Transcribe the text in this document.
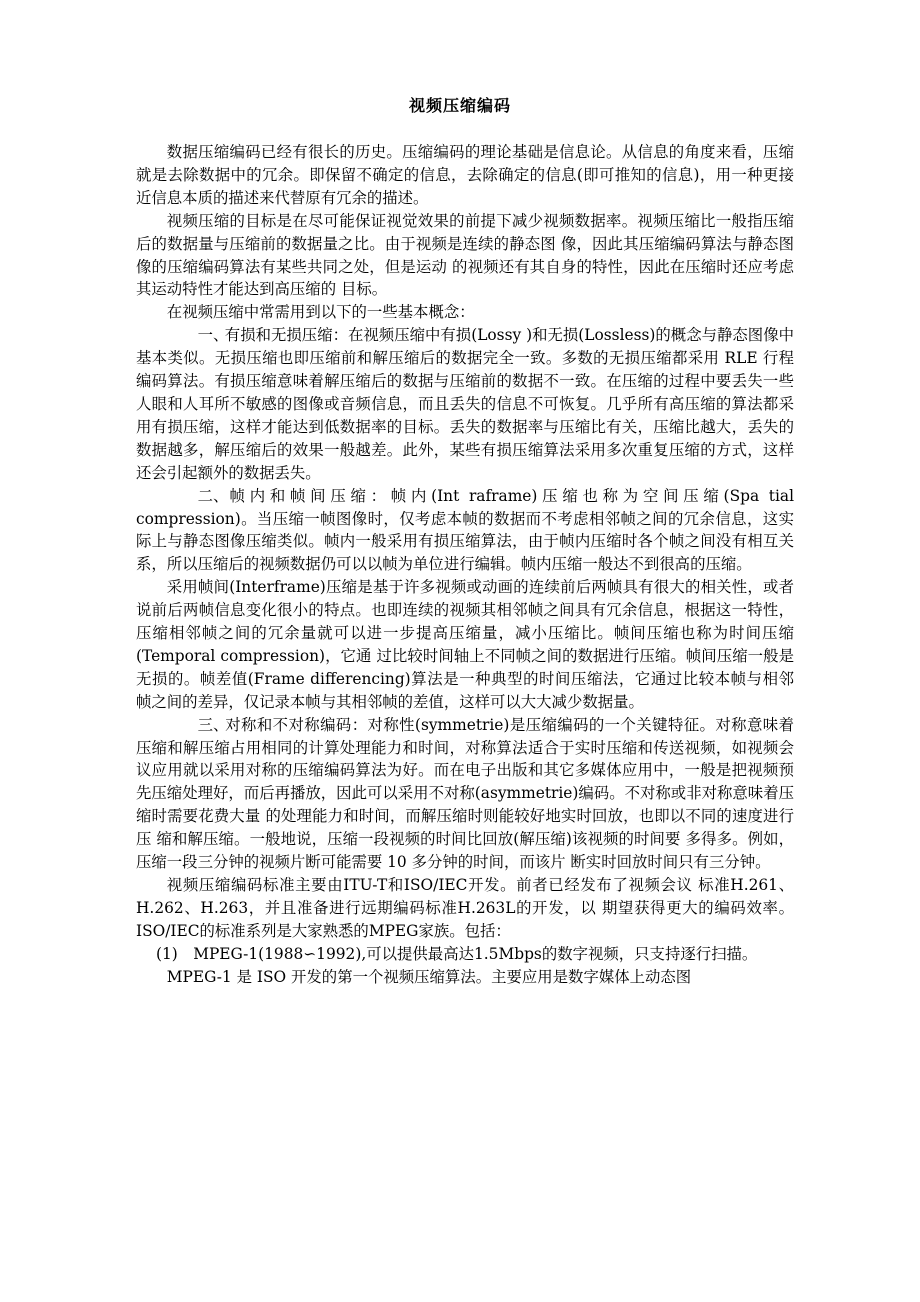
视频压缩编码

数据压缩编码已经有很长的历史。压缩编码的理论基础是信息论。从信息的角度来看，压缩就是去除数据中的冗余。即保留不确定的信息，去除确定的信息(即可推知的信息)，用一种更接近信息本质的描述来代替原有冗余的描述。

视频压缩的目标是在尽可能保证视觉效果的前提下减少视频数据率。视频压缩比一般指压缩后的数据量与压缩前的数据量之比。由于视频是连续的静态图 像，因此其压缩编码算法与静态图像的压缩编码算法有某些共同之处，但是运动 的视频还有其自身的特性，因此在压缩时还应考虑其运动特性才能达到高压缩的 目标。

在视频压缩中常需用到以下的一些基本概念：

一、有损和无损压缩：在视频压缩中有损(Lossy )和无损(Lossless)的概念与静态图像中基本类似。无损压缩也即压缩前和解压缩后的数据完全一致。多数的无损压缩都采用 RLE 行程编码算法。有损压缩意味着解压缩后的数据与压缩前的数据不一致。在压缩的过程中要丢失一些人眼和人耳所不敏感的图像或音频信息，而且丢失的信息不可恢复。几乎所有高压缩的算法都采用有损压缩，这样才能达到低数据率的目标。丢失的数据率与压缩比有关，压缩比越大，丢失的数据越多，解压缩后的效果一般越差。此外，某些有损压缩算法采用多次重复压缩的方式，这样还会引起额外的数据丢失。

二、帧内和帧间压缩：帧内(Int raframe)压缩也称为空间压缩(Spa tial compression)。当压缩一帧图像时，仅考虑本帧的数据而不考虑相邻帧之间的冗余信息，这实际上与静态图像压缩类似。帧内一般采用有损压缩算法，由于帧内压缩时各个帧之间没有相互关系，所以压缩后的视频数据仍可以以帧为单位进行编辑。帧内压缩一般达不到很高的压缩。

采用帧间(Interframe)压缩是基于许多视频或动画的连续前后两帧具有很大的相关性，或者说前后两帧信息变化很小的特点。也即连续的视频其相邻帧之间具有冗余信息，根据这一特性，压缩相邻帧之间的冗余量就可以进一步提高压缩量，减小压缩比。帧间压缩也称为时间压缩(Temporal compression)，它通 过比较时间轴上不同帧之间的数据进行压缩。帧间压缩一般是无损的。帧差值(Frame differencing)算法是一种典型的时间压缩法，它通过比较本帧与相邻 帧之间的差异，仅记录本帧与其相邻帧的差值，这样可以大大减少数据量。

三、对称和不对称编码：对称性(symmetrie)是压缩编码的一个关键特征。对称意味着压缩和解压缩占用相同的计算处理能力和时间，对称算法适合于实时压缩和传送视频，如视频会议应用就以采用对称的压缩编码算法为好。而在电子出版和其它多媒体应用中，一般是把视频预先压缩处理好，而后再播放，因此可以采用不对称(asymmetrie)编码。不对称或非对称意味着压缩时需要花费大量 的处理能力和时间，而解压缩时则能较好地实时回放，也即以不同的速度进行压 缩和解压缩。一般地说，压缩一段视频的时间比回放(解压缩)该视频的时间要 多得多。例如，压缩一段三分钟的视频片断可能需要 10 多分钟的时间，而该片 断实时回放时间只有三分钟。

视频压缩编码标准主要由ITU-T和ISO/IEC开发。前者已经发布了视频会议 标准H.261、H.262、H.263，并且准备进行远期编码标准H.263L的开发，以 期望获得更大的编码效率。ISO/IEC的标准系列是大家熟悉的MPEG家族。包括：

(1)　MPEG-1(1988∽1992),可以提供最高达1.5Mbps的数字视频，只支持逐行扫描。

MPEG-1 是 ISO 开发的第一个视频压缩算法。主要应用是数字媒体上动态图
